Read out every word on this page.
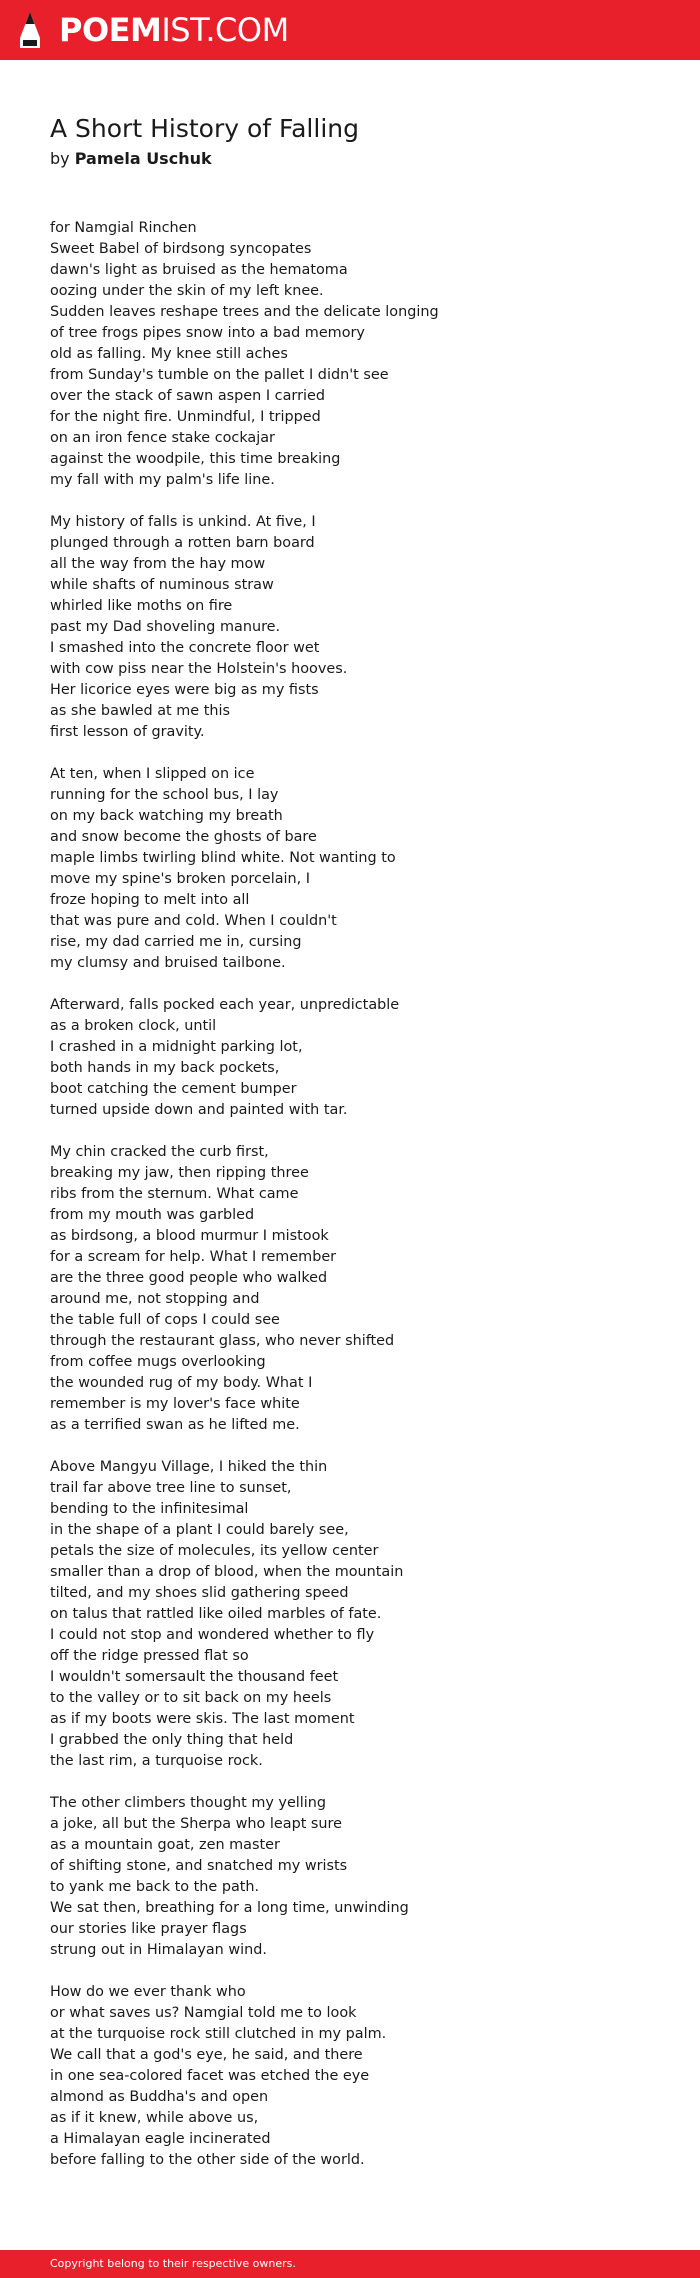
POEMIST.COM
A Short History of Falling
by Pamela Uschuk
for Namgial Rinchen
Sweet Babel of birdsong syncopates
dawn's light as bruised as the hematoma
oozing under the skin of my left knee.
Sudden leaves reshape trees and the delicate longing
of tree frogs pipes snow into a bad memory
old as falling. My knee still aches
from Sunday's tumble on the pallet I didn't see
over the stack of sawn aspen I carried
for the night fire. Unmindful, I tripped
on an iron fence stake cockajar
against the woodpile, this time breaking
my fall with my palm's life line.
My history of falls is unkind. At five, I
plunged through a rotten barn board
all the way from the hay mow
while shafts of numinous straw
whirled like moths on fire
past my Dad shoveling manure.
I smashed into the concrete floor wet
with cow piss near the Holstein's hooves.
Her licorice eyes were big as my fists
as she bawled at me this
first lesson of gravity.
At ten, when I slipped on ice
running for the school bus, I lay
on my back watching my breath
and snow become the ghosts of bare
maple limbs twirling blind white. Not wanting to
move my spine's broken porcelain, I
froze hoping to melt into all
that was pure and cold. When I couldn't
rise, my dad carried me in, cursing
my clumsy and bruised tailbone.
Afterward, falls pocked each year, unpredictable
as a broken clock, until
I crashed in a midnight parking lot,
both hands in my back pockets,
boot catching the cement bumper
turned upside down and painted with tar.
My chin cracked the curb first,
breaking my jaw, then ripping three
ribs from the sternum. What came
from my mouth was garbled
as birdsong, a blood murmur I mistook
for a scream for help. What I remember
are the three good people who walked
around me, not stopping and
the table full of cops I could see
through the restaurant glass, who never shifted
from coffee mugs overlooking
the wounded rug of my body. What I
remember is my lover's face white
as a terrified swan as he lifted me.
Above Mangyu Village, I hiked the thin
trail far above tree line to sunset,
bending to the infinitesimal
in the shape of a plant I could barely see,
petals the size of molecules, its yellow center
smaller than a drop of blood, when the mountain
tilted, and my shoes slid gathering speed
on talus that rattled like oiled marbles of fate.
I could not stop and wondered whether to fly
off the ridge pressed flat so
I wouldn't somersault the thousand feet
to the valley or to sit back on my heels
as if my boots were skis. The last moment
I grabbed the only thing that held
the last rim, a turquoise rock.
The other climbers thought my yelling
a joke, all but the Sherpa who leapt sure
as a mountain goat, zen master
of shifting stone, and snatched my wrists
to yank me back to the path.
We sat then, breathing for a long time, unwinding
our stories like prayer flags
strung out in Himalayan wind.
How do we ever thank who
or what saves us? Namgial told me to look
at the turquoise rock still clutched in my palm.
We call that a god's eye, he said, and there
in one sea-colored facet was etched the eye
almond as Buddha's and open
as if it knew, while above us,
a Himalayan eagle incinerated
before falling to the other side of the world.
Copyright belong to their respective owners.
